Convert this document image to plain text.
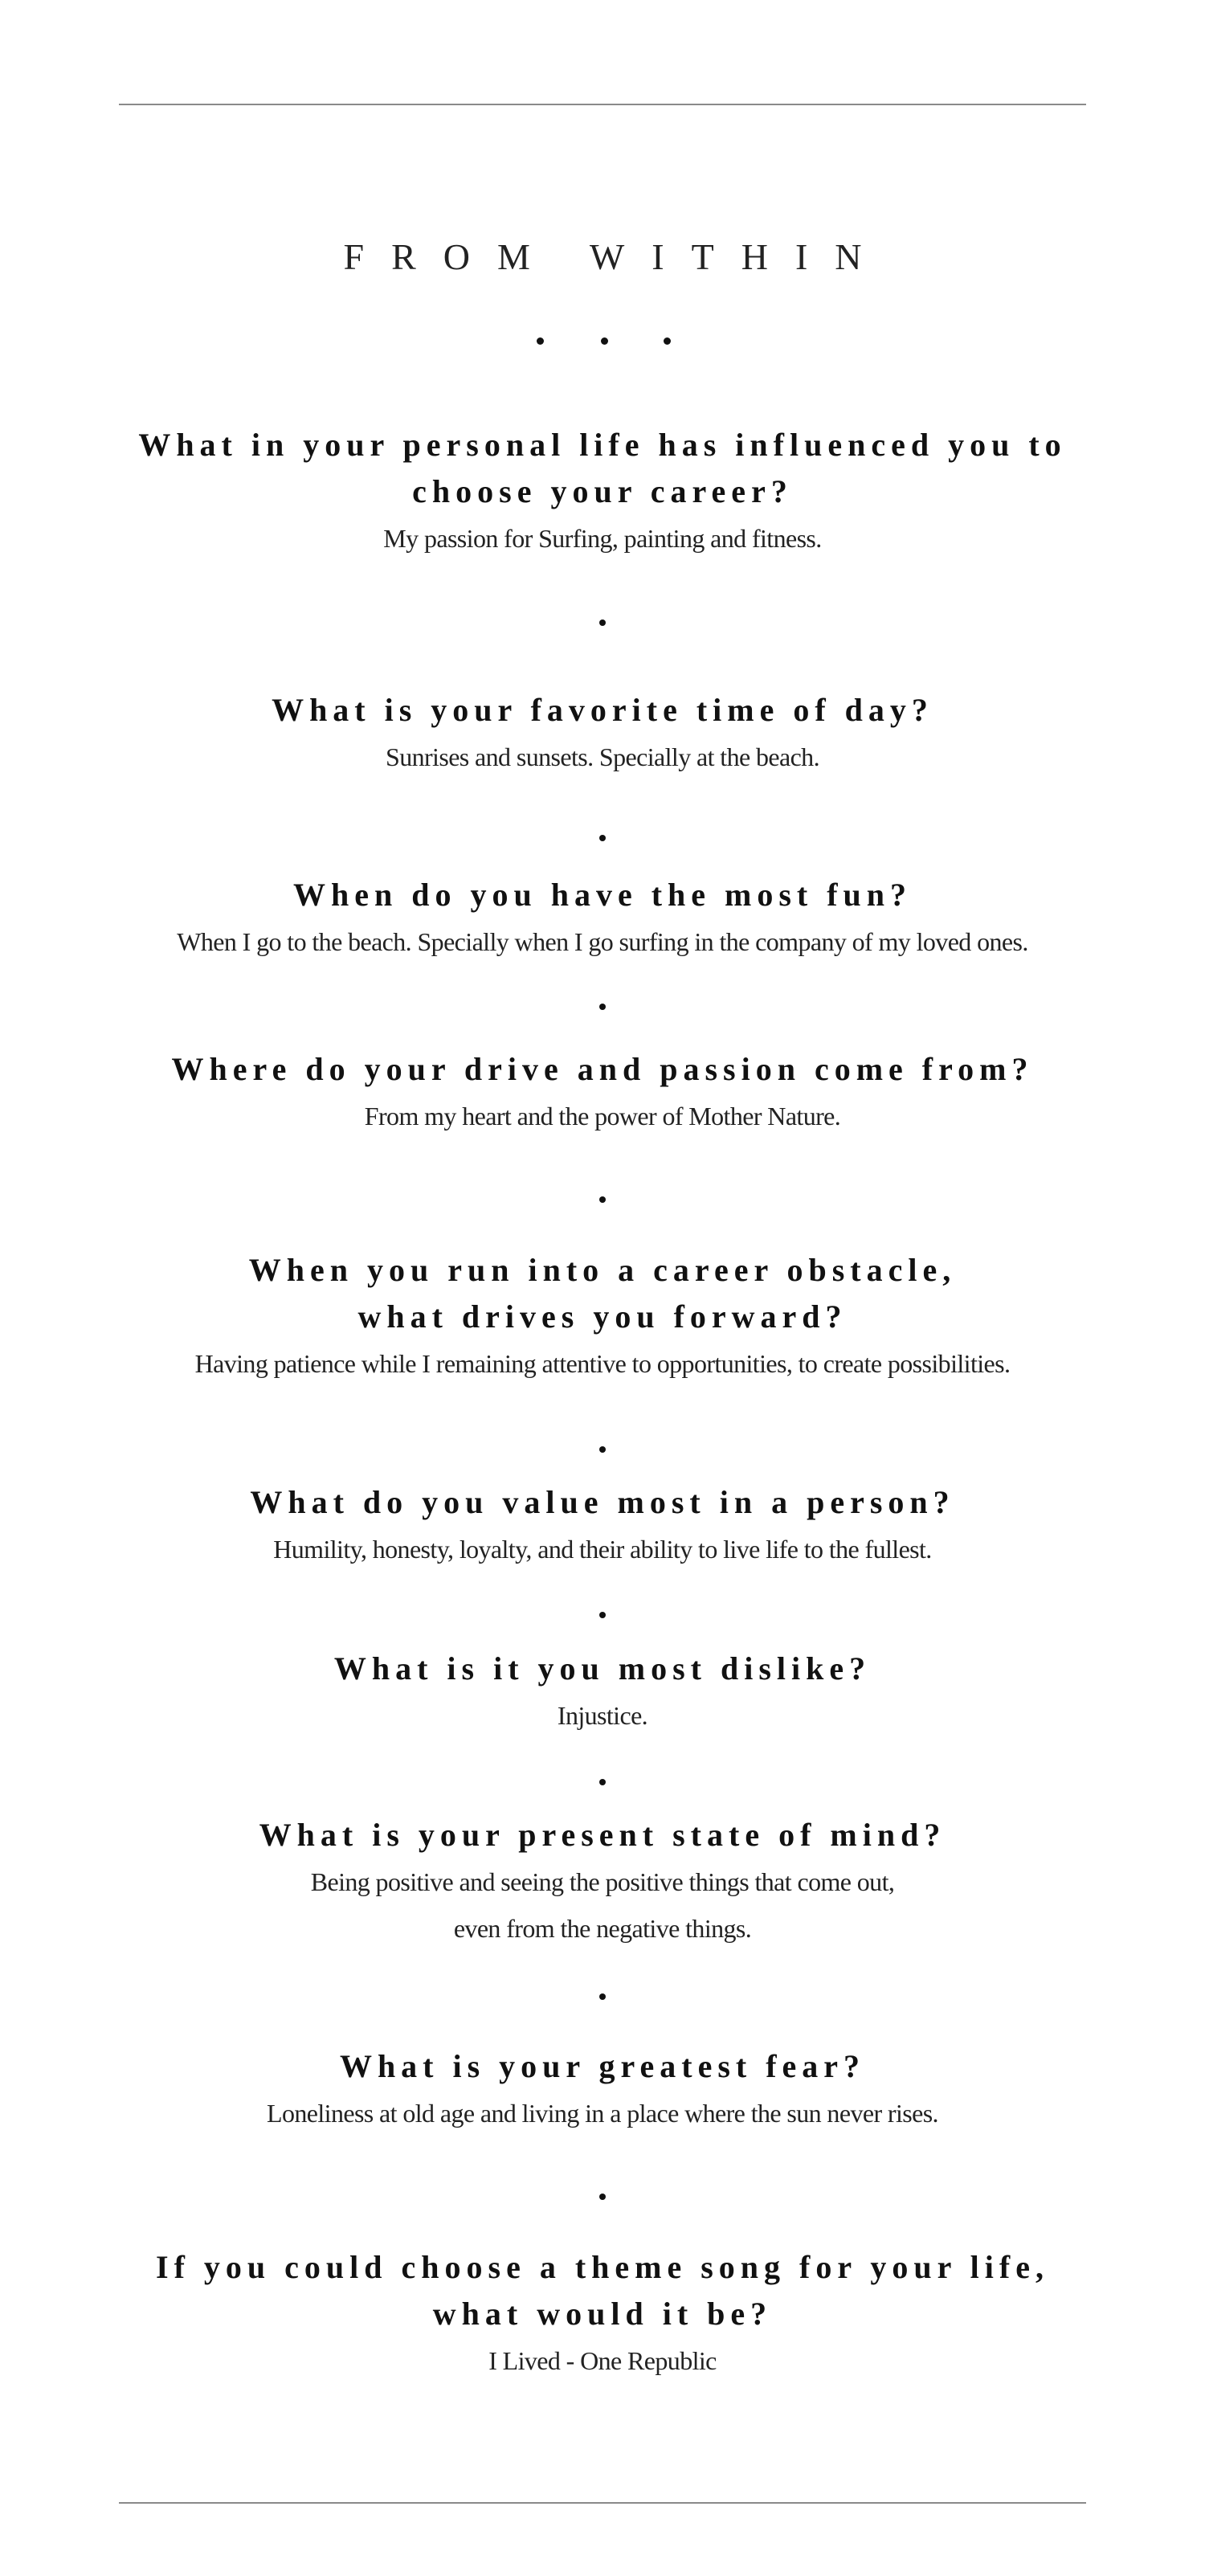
FROM WITHIN
What in your personal life has influenced you to
choose your career?
My passion for Surfing, painting and fitness.
What is your favorite time of day?
Sunrises and sunsets. Specially at the beach.
When do you have the most fun?
When I go to the beach. Specially when I go surfing in the company of my loved ones.
Where do your drive and passion come from?
From my heart and the power of Mother Nature.
When you run into a career obstacle,
what drives you forward?
Having patience while I remaining attentive to opportunities, to create possibilities.
What do you value most in a person?
Humility, honesty, loyalty, and their ability to live life to the fullest.
What is it you most dislike?
Injustice.
What is your present state of mind?
Being positive and seeing the positive things that come out,
even from the negative things.
What is your greatest fear?
Loneliness at old age and living in a place where the sun never rises.
If you could choose a theme song for your life,
what would it be?
I Lived - One Republic
